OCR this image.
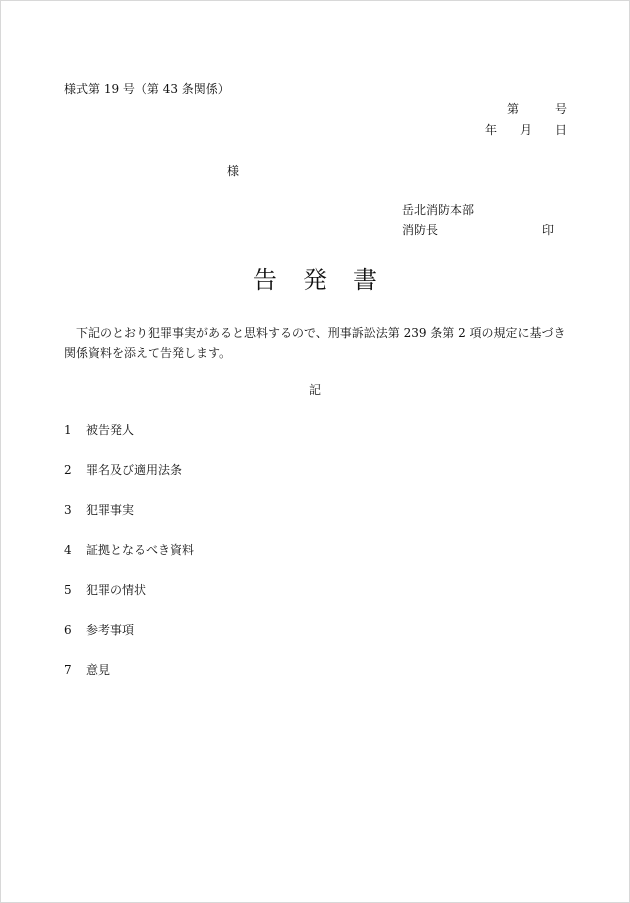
様式第 19 号（第 43 条関係）
第	号
年 月 日
様
岳北消防本部
消防長	印
告 発 書
下記のとおり犯罪事実があると思料するので、刑事訴訟法第 239 条第 2 項の規定に基づき関係資料を添えて告発します。
記
1	被告発人
2	罪名及び適用法条
3	犯罪事実
4	証拠となるべき資料
5	犯罪の情状
6	参考事項
7	意見
